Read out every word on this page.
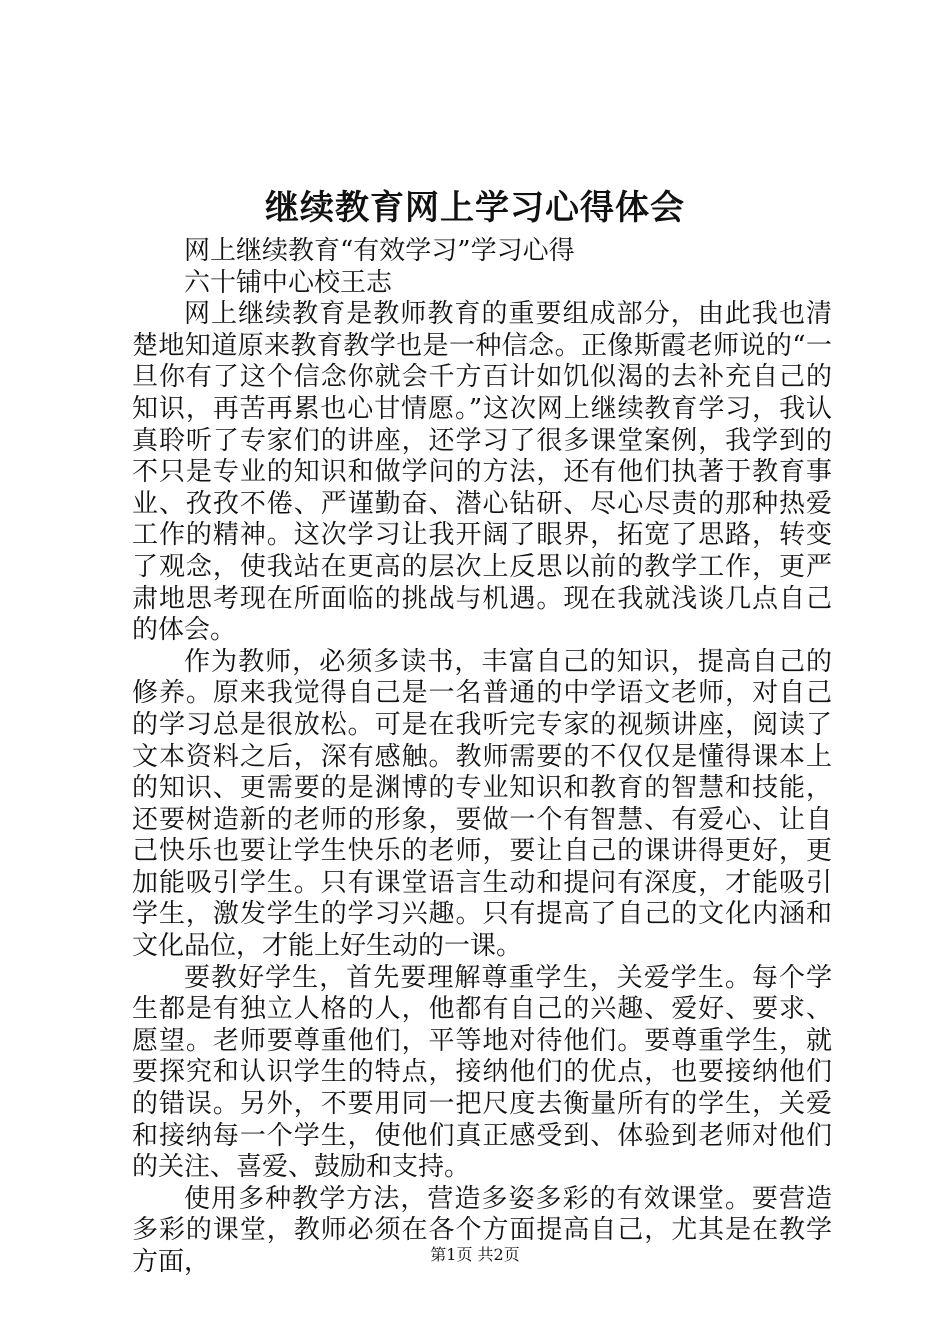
继续教育网上学习心得体会

网上继续教育“有效学习”学习心得

六十铺中心校王志

网上继续教育是教师教育的重要组成部分，由此我也清楚地知道原来教育教学也是一种信念。正像斯霞老师说的“一旦你有了这个信念你就会千方百计如饥似渴的去补充自己的知识，再苦再累也心甘情愿。”这次网上继续教育学习，我认真聆听了专家们的讲座，还学习了很多课堂案例，我学到的不只是专业的知识和做学问的方法，还有他们执著于教育事业、孜孜不倦、严谨勤奋、潜心钻研、尽心尽责的那种热爱工作的精神。这次学习让我开阔了眼界，拓宽了思路，转变了观念，使我站在更高的层次上反思以前的教学工作，更严肃地思考现在所面临的挑战与机遇。现在我就浅谈几点自己的体会。

作为教师，必须多读书，丰富自己的知识，提高自己的修养。原来我觉得自己是一名普通的中学语文老师，对自己的学习总是很放松。可是在我听完专家的视频讲座，阅读了文本资料之后，深有感触。教师需要的不仅仅是懂得课本上的知识、更需要的是渊博的专业知识和教育的智慧和技能，还要树造新的老师的形象，要做一个有智慧、有爱心、让自己快乐也要让学生快乐的老师，要让自己的课讲得更好，更加能吸引学生。只有课堂语言生动和提问有深度，才能吸引学生，激发学生的学习兴趣。只有提高了自己的文化内涵和文化品位，才能上好生动的一课。

要教好学生，首先要理解尊重学生，关爱学生。每个学生都是有独立人格的人，他都有自己的兴趣、爱好、要求、愿望。老师要尊重他们，平等地对待他们。要尊重学生，就要探究和认识学生的特点，接纳他们的优点，也要接纳他们的错误。另外，不要用同一把尺度去衡量所有的学生，关爱和接纳每一个学生，使他们真正感受到、体验到老师对他们的关注、喜爱、鼓励和支持。

使用多种教学方法，营造多姿多彩的有效课堂。要营造多彩的课堂，教师必须在各个方面提高自己，尤其是在教学方面，	第1页 共2页
